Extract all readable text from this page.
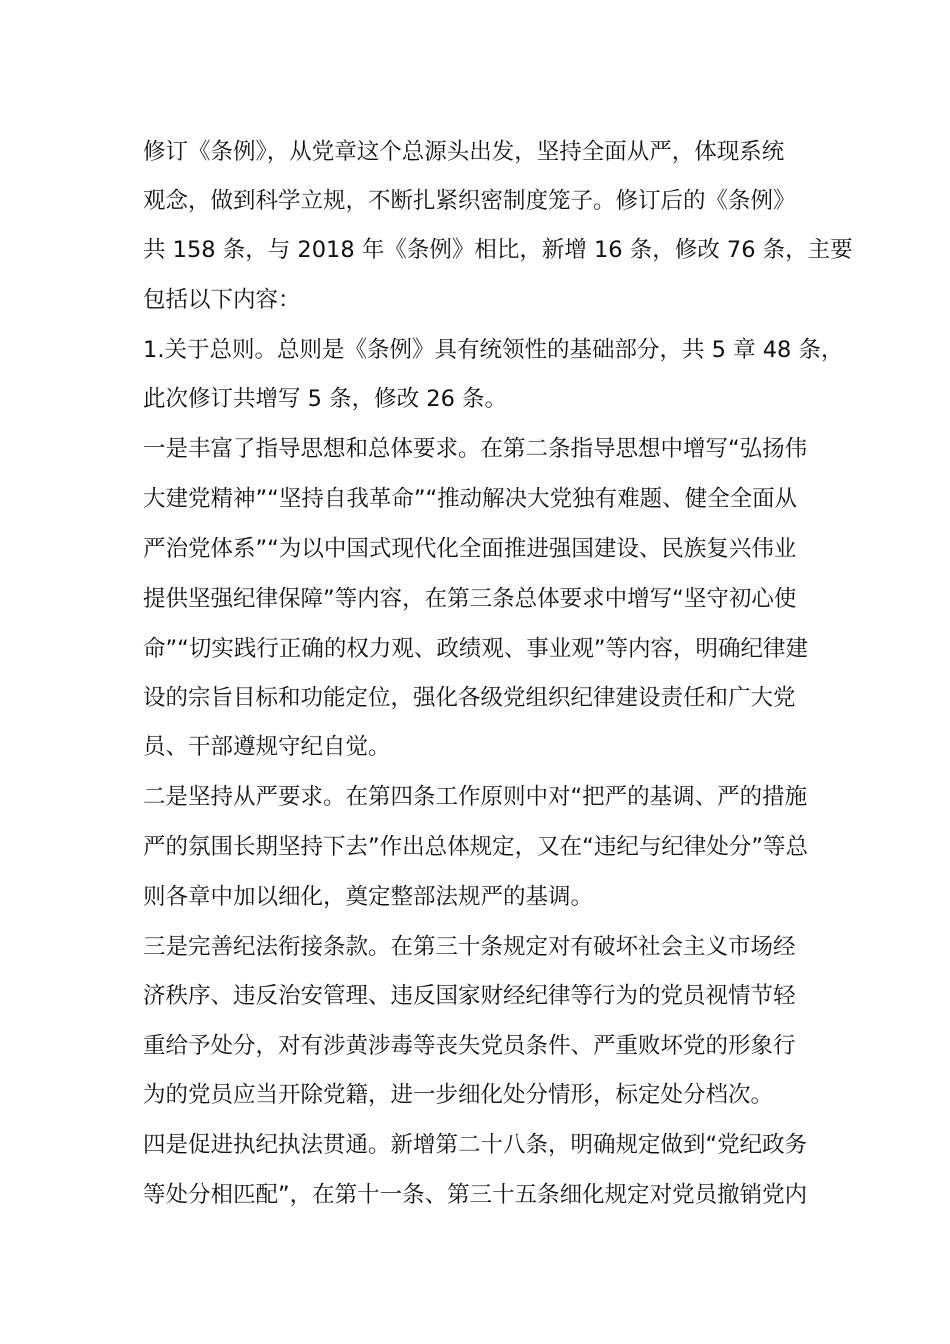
修订《条例》，从党章这个总源头出发，坚持全面从严，体现系统
观念，做到科学立规，不断扎紧织密制度笼子。修订后的《条例》
共 158 条，与 2018 年《条例》相比，新增 16 条，修改 76 条，主要
包括以下内容：
1.关于总则。总则是《条例》具有统领性的基础部分，共 5 章 48 条，
此次修订共增写 5 条，修改 26 条。
一是丰富了指导思想和总体要求。在第二条指导思想中增写“弘扬伟
大建党精神”“坚持自我革命”“推动解决大党独有难题、健全全面从
严治党体系”“为以中国式现代化全面推进强国建设、民族复兴伟业
提供坚强纪律保障”等内容，在第三条总体要求中增写“坚守初心使
命”“切实践行正确的权力观、政绩观、事业观”等内容，明确纪律建
设的宗旨目标和功能定位，强化各级党组织纪律建设责任和广大党
员、干部遵规守纪自觉。
二是坚持从严要求。在第四条工作原则中对“把严的基调、严的措施
严的氛围长期坚持下去”作出总体规定，又在“违纪与纪律处分”等总
则各章中加以细化，奠定整部法规严的基调。
三是完善纪法衔接条款。在第三十条规定对有破坏社会主义市场经
济秩序、违反治安管理、违反国家财经纪律等行为的党员视情节轻
重给予处分，对有涉黄涉毒等丧失党员条件、严重败坏党的形象行
为的党员应当开除党籍，进一步细化处分情形，标定处分档次。
四是促进执纪执法贯通。新增第二十八条，明确规定做到“党纪政务
等处分相匹配”，在第十一条、第三十五条细化规定对党员撤销党内
